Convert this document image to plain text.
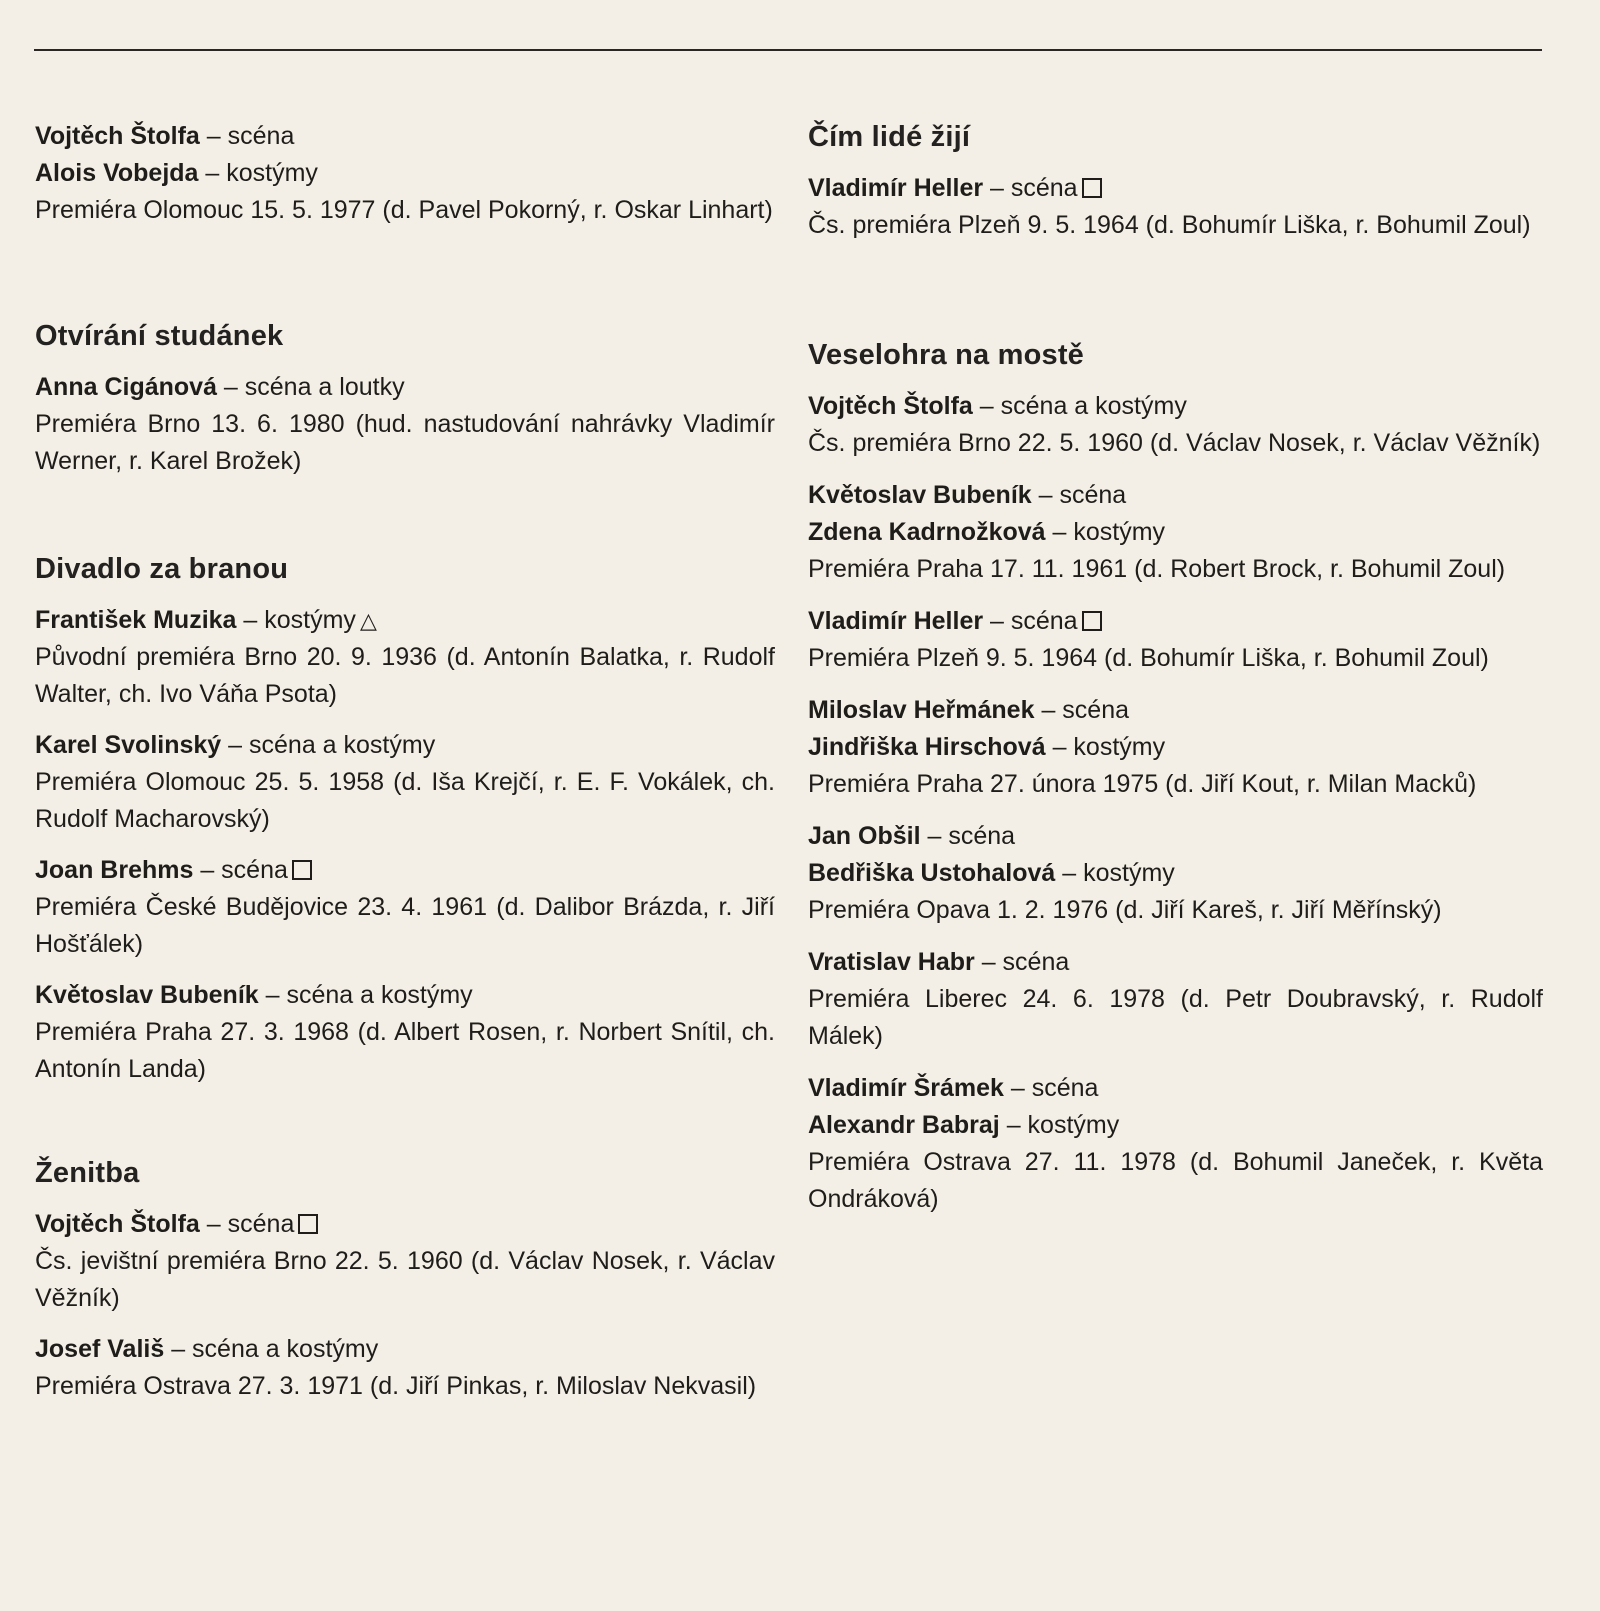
Vojtěch Štolfa – scéna
Alois Vobejda – kostýmy
Premiéra Olomouc 15. 5. 1977 (d. Pavel Pokorný, r. Oskar Linhart)
Otvírání studánek
Anna Cigánová – scéna a loutky
Premiéra Brno 13. 6. 1980 (hud. nastudování nahrávky Vladimír Werner, r. Karel Brožek)
Divadlo za branou
František Muzika – kostýmy △
Původní premiéra Brno 20. 9. 1936 (d. Antonín Balatka, r. Rudolf Walter, ch. Ivo Váňa Psota)
Karel Svolinský – scéna a kostýmy
Premiéra Olomouc 25. 5. 1958 (d. Iša Krejčí, r. E. F. Vokálek, ch. Rudolf Macharovský)
Joan Brehms – scéna
Premiéra České Budějovice 23. 4. 1961 (d. Dalibor Brázda, r. Jiří Hošťálek)
Květoslav Bubeník – scéna a kostýmy
Premiéra Praha 27. 3. 1968 (d. Albert Rosen, r. Norbert Snítil, ch. Antonín Landa)
Ženitba
Vojtěch Štolfa – scéna
Čs. jevištní premiéra Brno 22. 5. 1960 (d. Václav Nosek, r. Václav Věžník)
Josef Vališ – scéna a kostýmy
Premiéra Ostrava 27. 3. 1971 (d. Jiří Pinkas, r. Miloslav Nekvasil)
Čím lidé žijí
Vladimír Heller – scéna
Čs. premiéra Plzeň 9. 5. 1964 (d. Bohumír Liška, r. Bohumil Zoul)
Veselohra na mostě
Vojtěch Štolfa – scéna a kostýmy
Čs. premiéra Brno 22. 5. 1960 (d. Václav Nosek, r. Václav Věžník)
Květoslav Bubeník – scéna
Zdena Kadrnožková – kostýmy
Premiéra Praha 17. 11. 1961 (d. Robert Brock, r. Bohumil Zoul)
Vladimír Heller – scéna
Premiéra Plzeň 9. 5. 1964 (d. Bohumír Liška, r. Bohumil Zoul)
Miloslav Heřmánek – scéna
Jindřiška Hirschová – kostýmy
Premiéra Praha 27. února 1975 (d. Jiří Kout, r. Milan Macků)
Jan Obšil – scéna
Bedřiška Ustohalová – kostýmy
Premiéra Opava 1. 2. 1976 (d. Jiří Kareš, r. Jiří Měřínský)
Vratislav Habr – scéna
Premiéra Liberec 24. 6. 1978 (d. Petr Doubravský, r. Rudolf Málek)
Vladimír Šrámek – scéna
Alexandr Babraj – kostýmy
Premiéra Ostrava 27. 11. 1978 (d. Bohumil Janeček, r. Květa Ondráková)
